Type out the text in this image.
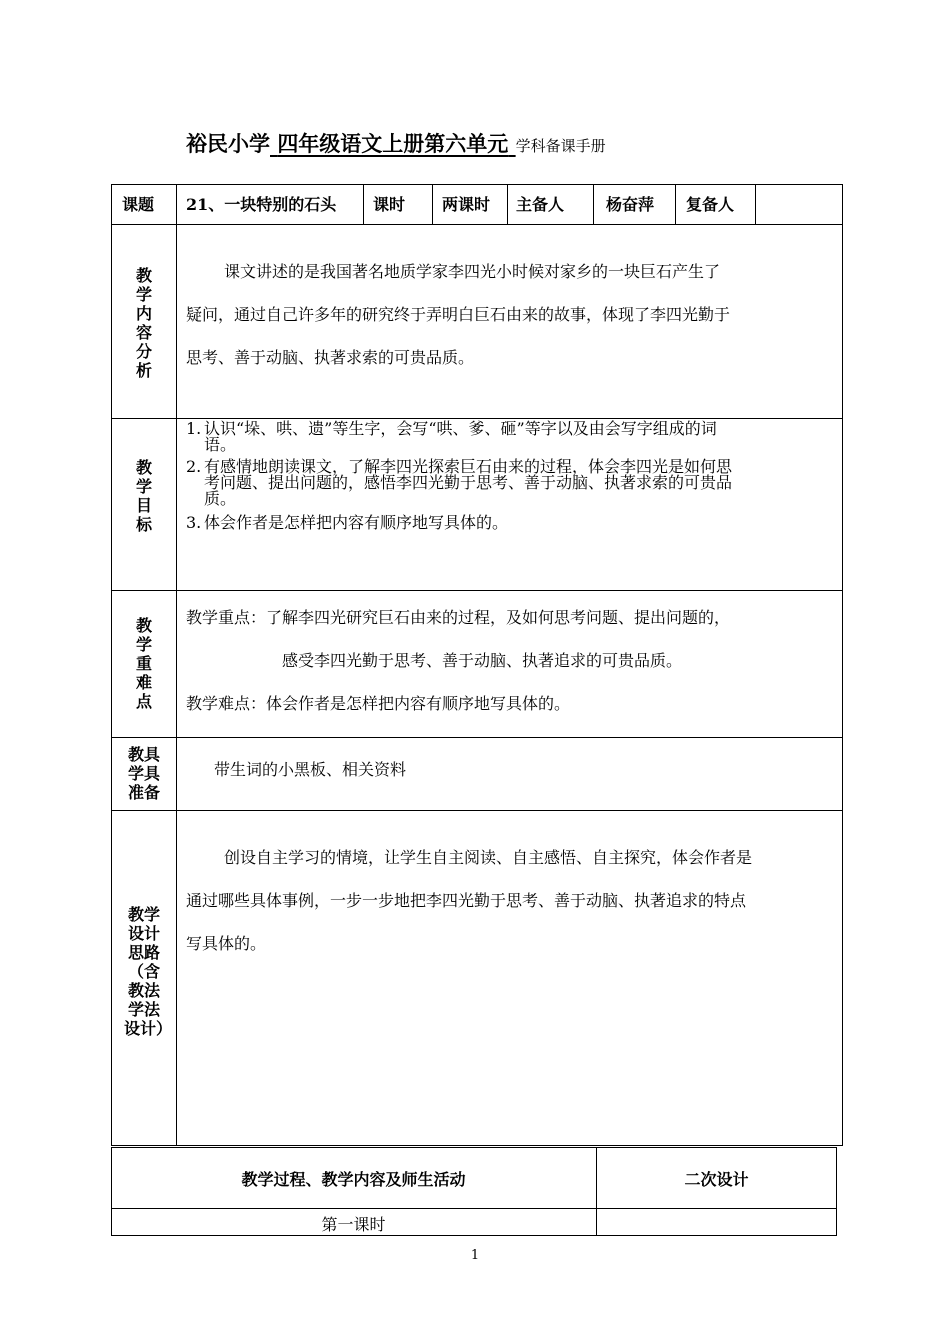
裕民小学 四年级语文上册第六单元 学科备课手册
课题 21、一块特别的石头 课时 两课时 主备人	杨奋萍 复备人
教学内容分析
课文讲述的是我国著名地质学家李四光小时候对家乡的一块巨石产生了
疑问，通过自己许多年的研究终于弄明白巨石由来的故事，体现了李四光勤于
思考、善于动脑、执著求索的可贵品质。
教学目标
1. 认识“垛、哄、遗”等生字，会写“哄、爹、砸”等字以及由会写字组成的词
语。
2. 有感情地朗读课文，了解李四光探索巨石由来的过程，体会李四光是如何思
考问题、提出问题的，感悟李四光勤于思考、善于动脑、执著求索的可贵品
质。
3. 体会作者是怎样把内容有顺序地写具体的。
教学重难点
教学重点：了解李四光研究巨石由来的过程，及如何思考问题、提出问题的，
感受李四光勤于思考、善于动脑、执著追求的可贵品质。
教学难点：体会作者是怎样把内容有顺序地写具体的。
教具学具准备
带生词的小黑板、相关资料
教学设计思路（含教法学法设计）
创设自主学习的情境，让学生自主阅读、自主感悟、自主探究，体会作者是
通过哪些具体事例，一步一步地把李四光勤于思考、善于动脑、执著追求的特点
写具体的。
教学过程、教学内容及师生活动	二次设计
第一课时
1
